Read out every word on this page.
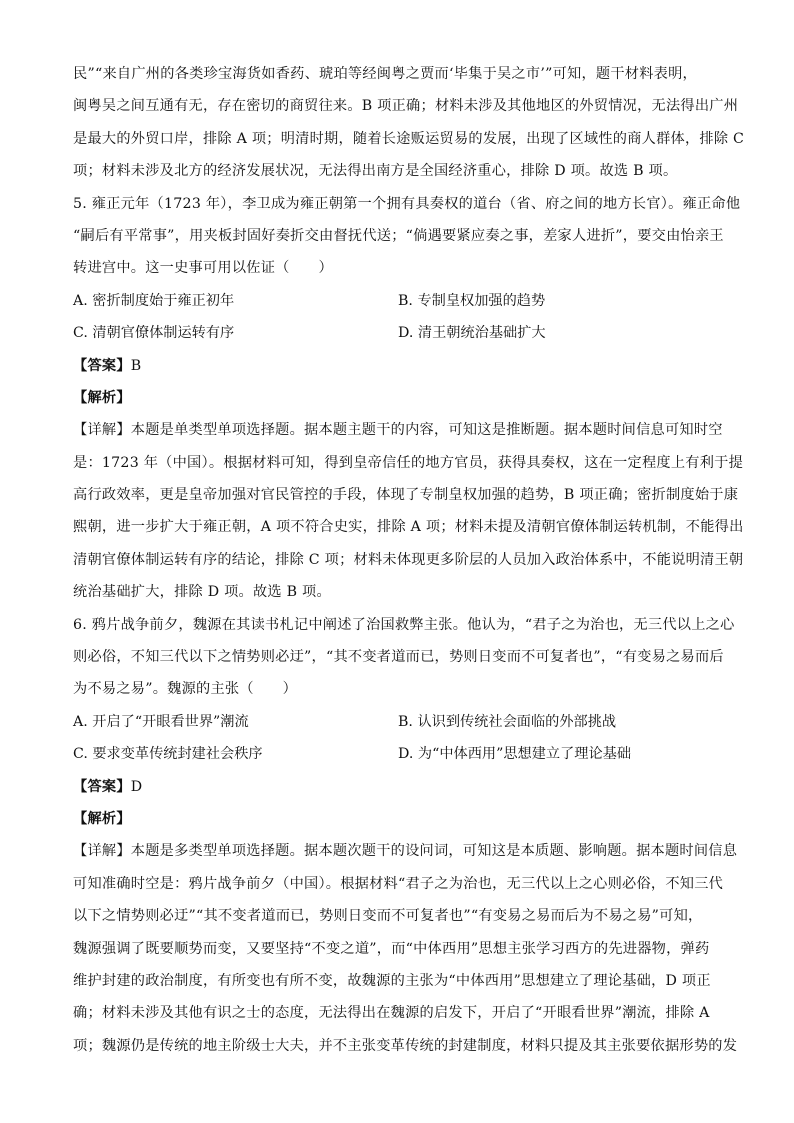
民”“来自广州的各类珍宝海货如香药、琥珀等经闽粤之贾而‘毕集于吴之市’”可知，题干材料表明，
闽粤吴之间互通有无，存在密切的商贸往来。B 项正确；材料未涉及其他地区的外贸情况，无法得出广州
是最大的外贸口岸，排除 A 项；明清时期，随着长途贩运贸易的发展，出现了区域性的商人群体，排除 C
项；材料未涉及北方的经济发展状况，无法得出南方是全国经济重心，排除 D 项。故选 B 项。
5. 雍正元年（1723 年），李卫成为雍正朝第一个拥有具奏权的道台（省、府之间的地方长官）。雍正命他
“嗣后有平常事”，用夹板封固好奏折交由督抚代送；“倘遇要紧应奏之事，差家人进折”，要交由怡亲王
转进宫中。这一史事可用以佐证（　　）
A. 密折制度始于雍正初年	B. 专制皇权加强的趋势
C. 清朝官僚体制运转有序	D. 清王朝统治基础扩大
【答案】B
【解析】
【详解】本题是单类型单项选择题。据本题主题干的内容，可知这是推断题。据本题时间信息可知时空
是：1723 年（中国）。根据材料可知，得到皇帝信任的地方官员，获得具奏权，这在一定程度上有利于提
高行政效率，更是皇帝加强对官民管控的手段，体现了专制皇权加强的趋势，B 项正确；密折制度始于康
熙朝，进一步扩大于雍正朝，A 项不符合史实，排除 A 项；材料未提及清朝官僚体制运转机制，不能得出
清朝官僚体制运转有序的结论，排除 C 项；材料未体现更多阶层的人员加入政治体系中，不能说明清王朝
统治基础扩大，排除 D 项。故选 B 项。
6. 鸦片战争前夕，魏源在其读书札记中阐述了治国救弊主张。他认为，“君子之为治也，无三代以上之心
则必俗，不知三代以下之情势则必迂”，“其不变者道而已，势则日变而不可复者也”，“有变易之易而后
为不易之易”。魏源的主张（　　）
A. 开启了“开眼看世界”潮流	B. 认识到传统社会面临的外部挑战
C. 要求变革传统封建社会秩序	D. 为“中体西用”思想建立了理论基础
【答案】D
【解析】
【详解】本题是多类型单项选择题。据本题次题干的设问词，可知这是本质题、影响题。据本题时间信息
可知准确时空是：鸦片战争前夕（中国）。根据材料“君子之为治也，无三代以上之心则必俗，不知三代
以下之情势则必迂”“其不变者道而已，势则日变而不可复者也”“有变易之易而后为不易之易”可知，
魏源强调了既要顺势而变，又要坚持“不变之道”，而“中体西用”思想主张学习西方的先进器物，弹药
维护封建的政治制度，有所变也有所不变，故魏源的主张为“中体西用”思想建立了理论基础，D 项正
确；材料未涉及其他有识之士的态度，无法得出在魏源的启发下，开启了“开眼看世界”潮流，排除 A
项；魏源仍是传统的地主阶级士大夫，并不主张变革传统的封建制度，材料只提及其主张要依据形势的发
